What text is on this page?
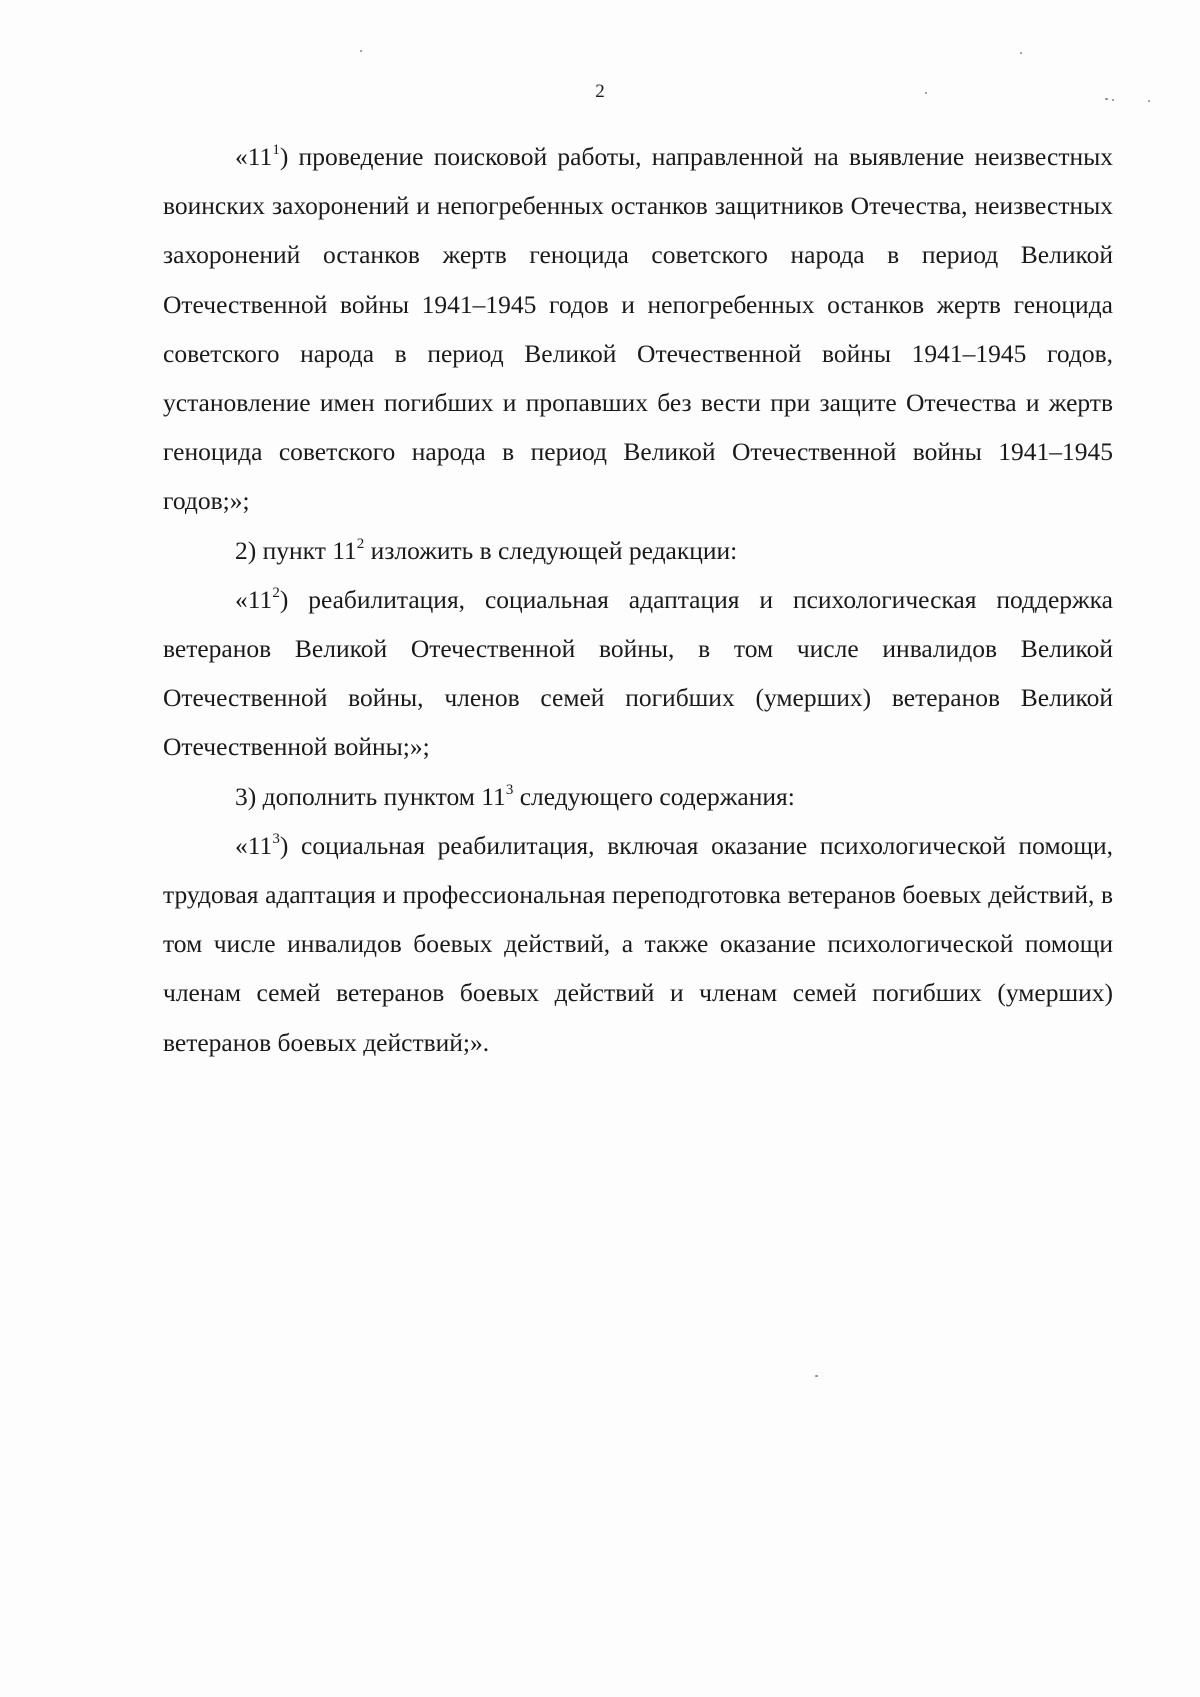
2

«$11^1$) проведение поисковой работы, направленной на выявление неизвестных воинских захоронений и непогребенных останков защитников Отечества, неизвестных захоронений останков жертв геноцида советского народа в период Великой Отечественной войны 1941–1945 годов и непогребенных останков жертв геноцида советского народа в период Великой Отечественной войны 1941–1945 годов, установление имен погибших и пропавших без вести при защите Отечества и жертв геноцида советского народа в период Великой Отечественной войны 1941–1945 годов;»;

2) пункт $11^2$ изложить в следующей редакции:

«$11^2$) реабилитация, социальная адаптация и психологическая поддержка ветеранов Великой Отечественной войны, в том числе инвалидов Великой Отечественной войны, членов семей погибших (умерших) ветеранов Великой Отечественной войны;»;

3) дополнить пунктом $11^3$ следующего содержания:

«$11^3$) социальная реабилитация, включая оказание психологической помощи, трудовая адаптация и профессиональная переподготовка ветеранов боевых действий, в том числе инвалидов боевых действий, а также оказание психологической помощи членам семей ветеранов боевых действий и членам семей погибших (умерших) ветеранов боевых действий;».
